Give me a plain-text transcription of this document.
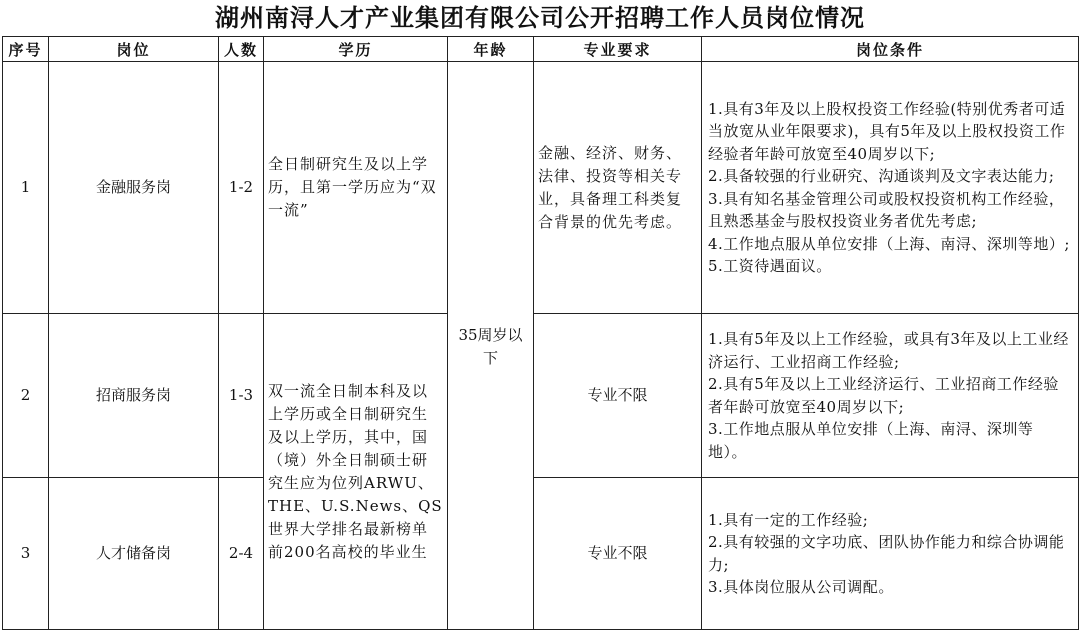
湖州南浔人才产业集团有限公司公开招聘工作人员岗位情况
序号	岗位	人数	学历	年龄	专业要求	岗位条件
1	金融服务岗	1-2	全日制研究生及以上学历，且第一学历应为“双一流”	35周岁以下	金融、经济、财务、法律、投资等相关专业，具备理工科类复合背景的优先考虑。	1.具有3年及以上股权投资工作经验(特别优秀者可适当放宽从业年限要求)，具有5年及以上股权投资工作经验者年龄可放宽至40周岁以下;
2.具备较强的行业研究、沟通谈判及文字表达能力;
3.具有知名基金管理公司或股权投资机构工作经验，且熟悉基金与股权投资业务者优先考虑;
4.工作地点服从单位安排（上海、南浔、深圳等地）;
5.工资待遇面议。

2	招商服务岗	1-3	双一流全日制本科及以上学历或全日制研究生及以上学历，其中，国（境）外全日制硕士研究生应为位列ARWU、THE、U.S.News、QS世界大学排名最新榜单前200名高校的毕业生		专业不限	1.具有5年及以上工作经验，或具有3年及以上工业经济运行、工业招商工作经验;
2.具有5年及以上工业经济运行、工业招商工作经验者年龄可放宽至40周岁以下;
3.工作地点服从单位安排（上海、南浔、深圳等地）。

3	人才储备岗	2-4			专业不限	1.具有一定的工作经验;
2.具有较强的文字功底、团队协作能力和综合协调能力;
3.具体岗位服从公司调配。
